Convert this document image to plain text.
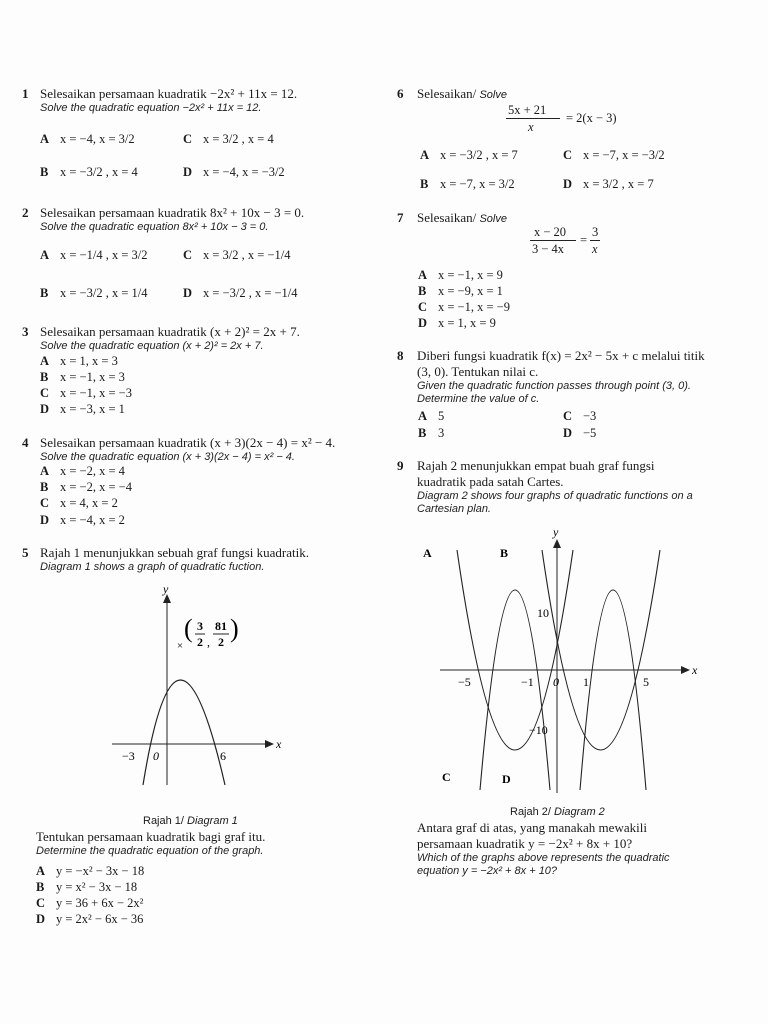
1 Selesaikan persamaan kuadratik −2x² + 11x = 12.
Solve the quadratic equation −2x² + 11x = 12.
A x = −4, x = 3/2	C x = 3/2 , x = 4
B x = −3/2 , x = 4	D x = −4, x = −3/2
2 Selesaikan persamaan kuadratik 8x² + 10x − 3 = 0.
Solve the quadratic equation 8x² + 10x − 3 = 0.
A x = −1/4 , x = 3/2	C x = 3/2 , x = −1/4
B x = −3/2 , x = 1/4	D x = −3/2 , x = −1/4
3 Selesaikan persamaan kuadratik (x + 2)² = 2x + 7.
Solve the quadratic equation (x + 2)² = 2x + 7.
A x = 1, x = 3
B x = −1, x = 3
C x = −1, x = −3
D x = −3, x = 1
4 Selesaikan persamaan kuadratik (x + 3)(2x − 4) = x² − 4.
Solve the quadratic equation (x + 3)(2x − 4) = x² − 4.
A x = −2, x = 4
B x = −2, x = −4
C x = 4, x = 2
D x = −4, x = 2
5 Rajah 1 menunjukkan sebuah graf fungsi kuadratik.
Diagram 1 shows a graph of quadratic fuction.
×
( 3
2 ,
81
2 )
y
x
−3 0	6
Rajah 1/ Diagram 1
Tentukan persamaan kuadratik bagi graf itu.
Determine the quadratic equation of the graph.
A y = −x² − 3x − 18
B y = x² − 3x − 18
C y = 36 + 6x − 2x²
D y = 2x² − 6x − 36
6 Selesaikan/ Solve
5x + 21
x
= 2(x − 3)
A x = −3/2 , x = 7	C x = −7, x = −3/2
B x = −7, x = 3/2	D x = 3/2 , x = 7
7 Selesaikan/ Solve
x − 20
3 − 4x
=
3
x
A x = −1, x = 9
B x = −9, x = 1
C x = −1, x = −9
D x = 1, x = 9
8 Diberi fungsi kuadratik f(x) = 2x² − 5x + c melalui titik
(3, 0). Tentukan nilai c.
Given the quadratic function passes through point (3, 0).
Determine the value of c.
A 5	C −3
B 3	D −5
9 Rajah 2 menunjukkan empat buah graf fungsi
kuadratik pada satah Cartes.
Diagram 2 shows four graphs of quadratic functions on a
Cartesian plan.
y
x
A	B
C	D
−5	−1 0 1	5
10
−10
Rajah 2/ Diagram 2
Antara graf di atas, yang manakah mewakili
persamaan kuadratik y = −2x² + 8x + 10?
Which of the graphs above represents the quadratic
equation y = −2x² + 8x + 10?
